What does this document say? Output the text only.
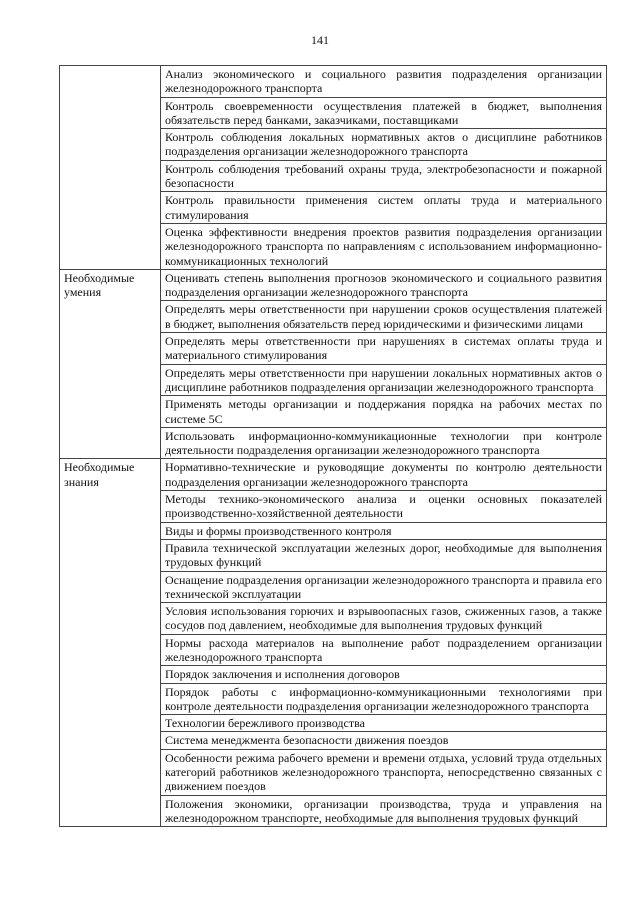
141
	Анализ экономического и социального развития подразделения организации железнодорожного транспорта
	Контроль своевременности осуществления платежей в бюджет, выполнения обязательств перед банками, заказчиками, поставщиками
	Контроль соблюдения локальных нормативных актов о дисциплине работников подразделения организации железнодорожного транспорта
	Контроль соблюдения требований охраны труда, электробезопасности и пожарной безопасности
	Контроль правильности применения систем оплаты труда и материального стимулирования
	Оценка эффективности внедрения проектов развития подразделения организации железнодорожного транспорта по направлениям с использованием информационно-коммуникационных технологий
Необходимые умения	Оценивать степень выполнения прогнозов экономического и социального развития подразделения организации железнодорожного транспорта
	Определять меры ответственности при нарушении сроков осуществления платежей в бюджет, выполнения обязательств перед юридическими и физическими лицами
	Определять меры ответственности при нарушениях в системах оплаты труда и материального стимулирования
	Определять меры ответственности при нарушении локальных нормативных актов о дисциплине работников подразделения организации железнодорожного транспорта
	Применять методы организации и поддержания порядка на рабочих местах по системе 5С
	Использовать информационно-коммуникационные технологии при контроле деятельности подразделения организации железнодорожного транспорта
Необходимые знания	Нормативно-технические и руководящие документы по контролю деятельности подразделения организации железнодорожного транспорта
	Методы технико-экономического анализа и оценки основных показателей производственно-хозяйственной деятельности
	Виды и формы производственного контроля
	Правила технической эксплуатации железных дорог, необходимые для выполнения трудовых функций
	Оснащение подразделения организации железнодорожного транспорта и правила его технической эксплуатации
	Условия использования горючих и взрывоопасных газов, сжиженных газов, а также сосудов под давлением, необходимые для выполнения трудовых функций
	Нормы расхода материалов на выполнение работ подразделением организации железнодорожного транспорта
	Порядок заключения и исполнения договоров
	Порядок работы с информационно-коммуникационными технологиями при контроле деятельности подразделения организации железнодорожного транспорта
	Технологии бережливого производства
	Система менеджмента безопасности движения поездов
	Особенности режима рабочего времени и времени отдыха, условий труда отдельных категорий работников железнодорожного транспорта, непосредственно связанных с движением поездов
	Положения экономики, организации производства, труда и управления на железнодорожном транспорте, необходимые для выполнения трудовых функций
